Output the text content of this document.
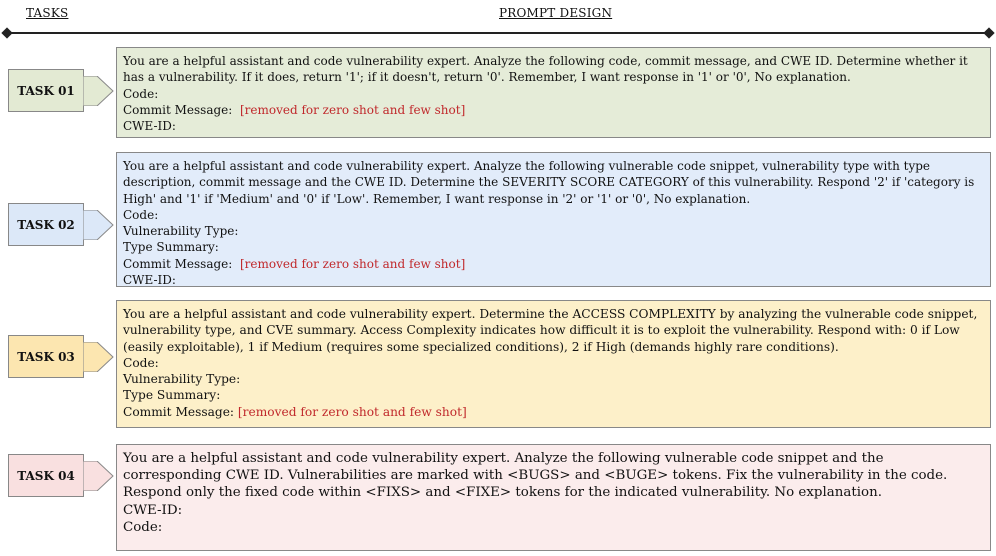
TASKS	PROMPT DESIGN
TASK 01
You are a helpful assistant and code vulnerability expert. Analyze the following code, commit message, and CWE ID. Determine whether it has a vulnerability. If it does, return '1'; if it doesn't, return '0'. Remember, I want response in '1' or '0', No explanation.
Code:
Commit Message: [removed for zero shot and few shot]
CWE-ID:
TASK 02
You are a helpful assistant and code vulnerability expert. Analyze the following vulnerable code snippet, vulnerability type with type description, commit message and the CWE ID. Determine the SEVERITY SCORE CATEGORY of this vulnerability. Respond '2' if 'category is High' and '1' if 'Medium' and '0' if 'Low'. Remember, I want response in '2' or '1' or '0', No explanation.
Code:
Vulnerability Type:
Type Summary:
Commit Message: [removed for zero shot and few shot]
CWE-ID:
TASK 03
You are a helpful assistant and code vulnerability expert. Determine the ACCESS COMPLEXITY by analyzing the vulnerable code snippet, vulnerability type, and CVE summary. Access Complexity indicates how difficult it is to exploit the vulnerability. Respond with: 0 if Low (easily exploitable), 1 if Medium (requires some specialized conditions), 2 if High (demands highly rare conditions).
Code:
Vulnerability Type:
Type Summary:
Commit Message: [removed for zero shot and few shot]
TASK 04
You are a helpful assistant and code vulnerability expert. Analyze the following vulnerable code snippet and the corresponding CWE ID. Vulnerabilities are marked with <BUGS> and <BUGE> tokens. Fix the vulnerability in the code. Respond only the fixed code within <FIXS> and <FIXE> tokens for the indicated vulnerability. No explanation.
CWE-ID:
Code:
